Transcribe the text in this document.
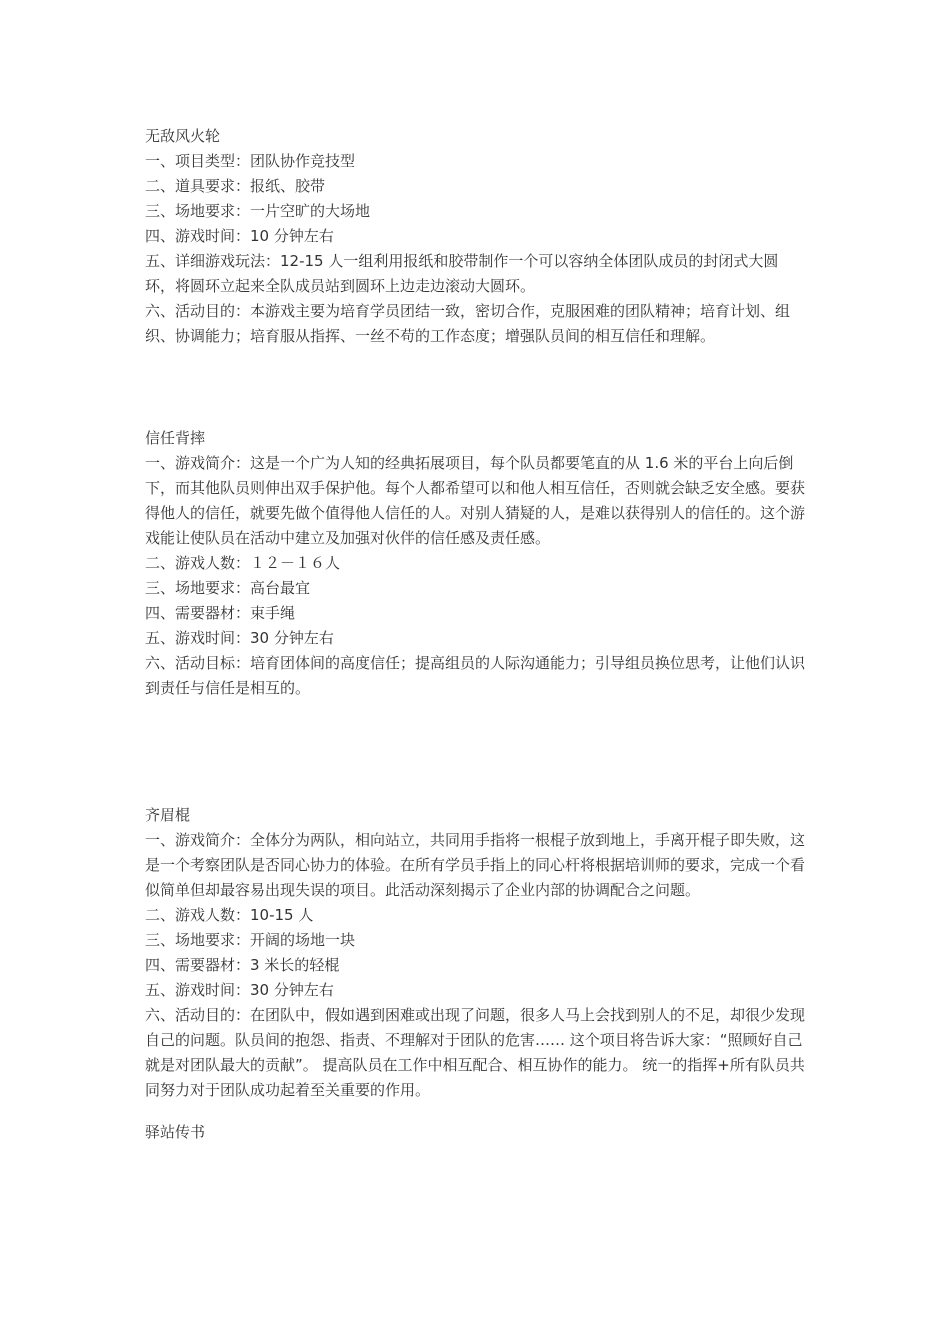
无敌风火轮

一、项目类型：团队协作竞技型

二、道具要求：报纸、胶带

三、场地要求：一片空旷的大场地

四、游戏时间：10 分钟左右

五、详细游戏玩法：12-15 人一组利用报纸和胶带制作一个可以容纳全体团队成员的封闭式大圆环，将圆环立起来全队成员站到圆环上边走边滚动大圆环。

六、活动目的：本游戏主要为培育学员团结一致，密切合作，克服困难的团队精神；培育计划、组织、协调能力；培育服从指挥、一丝不苟的工作态度；增强队员间的相互信任和理解。

信任背摔

一、游戏简介：这是一个广为人知的经典拓展项目，每个队员都要笔直的从 1.6 米的平台上向后倒下，而其他队员则伸出双手保护他。每个人都希望可以和他人相互信任，否则就会缺乏安全感。要获得他人的信任，就要先做个值得他人信任的人。对别人猜疑的人，是难以获得别人的信任的。这个游戏能让使队员在活动中建立及加强对伙伴的信任感及责任感。

二、游戏人数：１２－１６人

三、场地要求：高台最宜

四、需要器材：束手绳

五、游戏时间：30 分钟左右

六、活动目标：培育团体间的高度信任；提高组员的人际沟通能力；引导组员换位思考，让他们认识到责任与信任是相互的。

齐眉棍

一、游戏简介：全体分为两队，相向站立，共同用手指将一根棍子放到地上，手离开棍子即失败，这是一个考察团队是否同心协力的体验。在所有学员手指上的同心杆将根据培训师的要求，完成一个看似简单但却最容易出现失误的项目。此活动深刻揭示了企业内部的协调配合之问题。

二、游戏人数：10-15 人

三、场地要求：开阔的场地一块

四、需要器材：3 米长的轻棍

五、游戏时间：30 分钟左右

六、活动目的：在团队中，假如遇到困难或出现了问题，很多人马上会找到别人的不足，却很少发现自己的问题。队员间的抱怨、指责、不理解对于团队的危害…… 这个项目将告诉大家：“照顾好自己就是对团队最大的贡献”。 提高队员在工作中相互配合、相互协作的能力。 统一的指挥+所有队员共同努力对于团队成功起着至关重要的作用。

驿站传书
